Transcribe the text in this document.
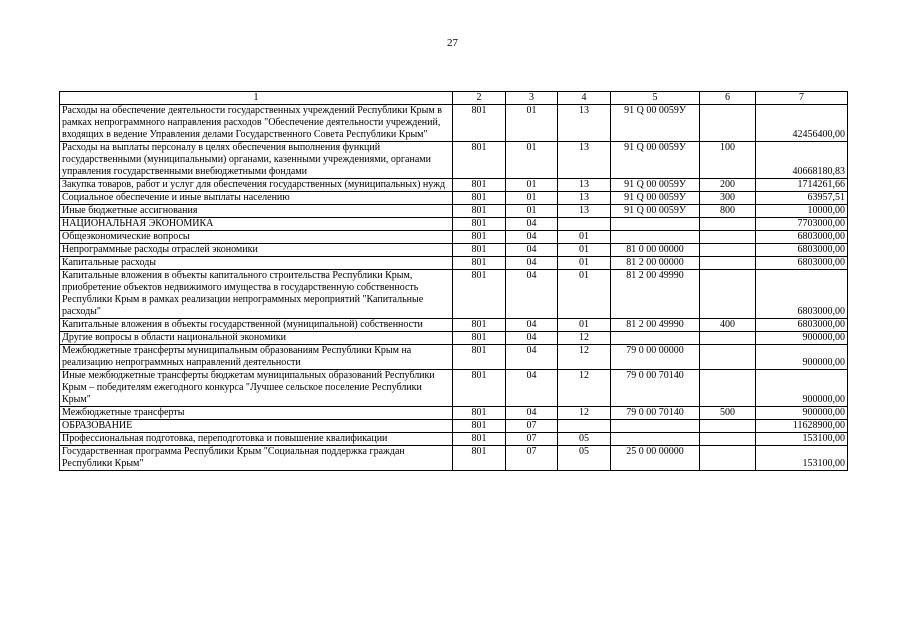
27
1	2	3	4	5	6	7
Расходы на обеспечение деятельности государственных учреждений Республики Крым в рамках непрограммного направления расходов "Обеспечение деятельности учреждений, входящих в ведение Управления делами Государственного Совета Республики Крым"	801	01	13	91 Q 00 0059У		42456400,00
Расходы на выплаты персоналу в целях обеспечения выполнения функций государственными (муниципальными) органами, казенными учреждениями, органами управления государственными внебюджетными фондами	801	01	13	91 Q 00 0059У	100	40668180,83
Закупка товаров, работ и услуг для обеспечения государственных (муниципальных) нужд	801	01	13	91 Q 00 0059У	200	1714261,66
Социальное обеспечение и иные выплаты населению	801	01	13	91 Q 00 0059У	300	63957,51
Иные бюджетные ассигнования	801	01	13	91 Q 00 0059У	800	10000,00
НАЦИОНАЛЬНАЯ ЭКОНОМИКА	801	04				7703000,00
Общеэкономические вопросы	801	04	01			6803000,00
Непрограммные расходы отраслей экономики	801	04	01	81 0 00 00000		6803000,00
Капитальные расходы	801	04	01	81 2 00 00000		6803000,00
Капитальные вложения в объекты капитального строительства Республики Крым, приобретение объектов недвижимого имущества в государственную собственность Республики Крым в рамках реализации непрограммных мероприятий "Капитальные расходы"	801	04	01	81 2 00 49990		6803000,00
Капитальные вложения в объекты государственной (муниципальной) собственности	801	04	01	81 2 00 49990	400	6803000,00
Другие вопросы в области национальной экономики	801	04	12			900000,00
Межбюджетные трансферты муниципальным образованиям Республики Крым на реализацию непрограммных направлений деятельности	801	04	12	79 0 00 00000		900000,00
Иные межбюджетные трансферты бюджетам муниципальных образований Республики Крым – победителям ежегодного конкурса "Лучшее сельское поселение Республики Крым"	801	04	12	79 0 00 70140		900000,00
Межбюджетные трансферты	801	04	12	79 0 00 70140	500	900000,00
ОБРАЗОВАНИЕ	801	07				11628900,00
Профессиональная подготовка, переподготовка и повышение квалификации	801	07	05			153100,00
Государственная программа Республики Крым "Социальная поддержка граждан Республики Крым"	801	07	05	25 0 00 00000		153100,00
